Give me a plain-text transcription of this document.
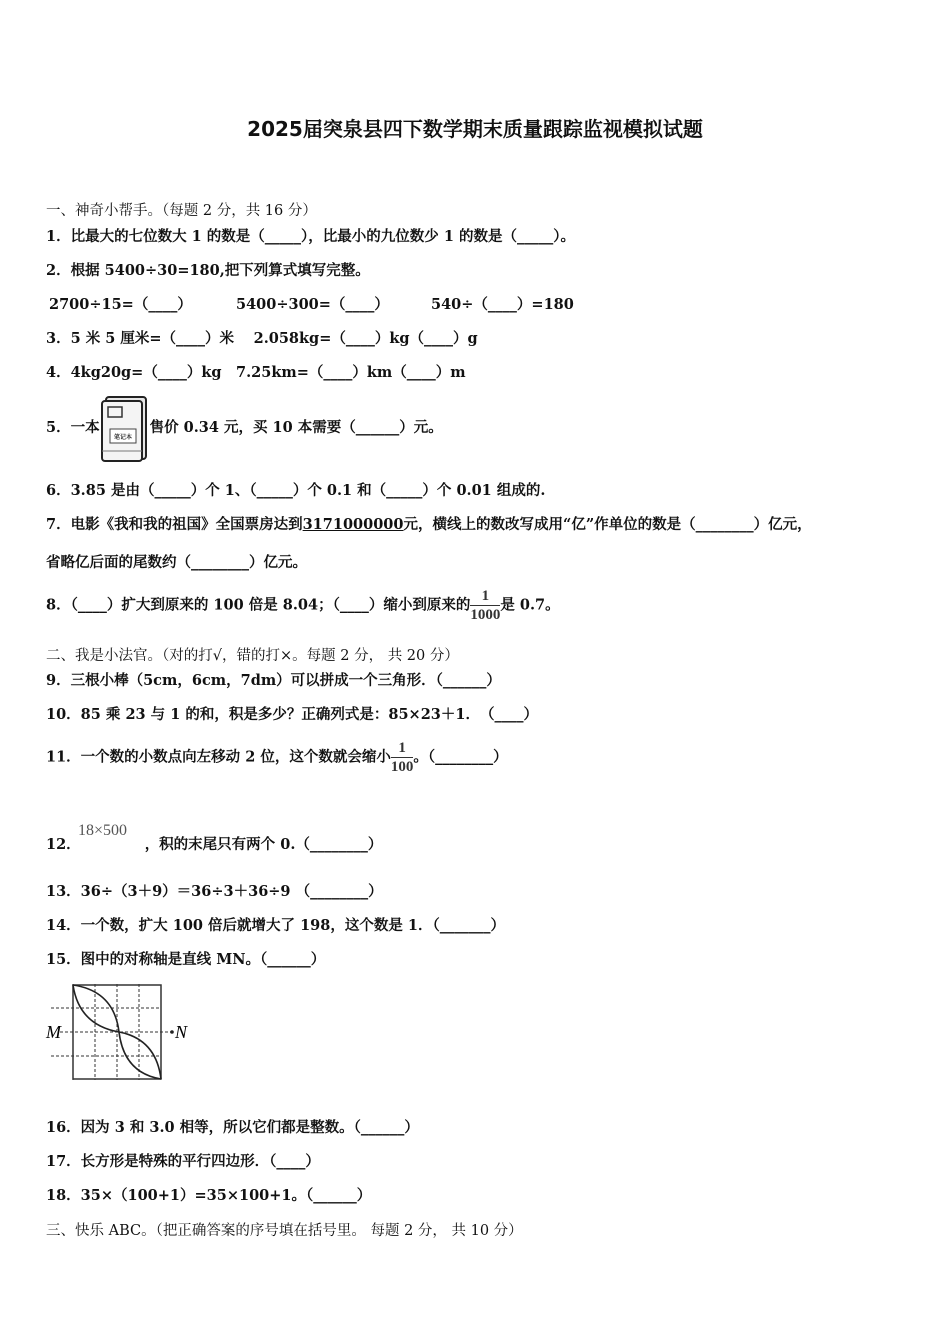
2025届突泉县四下数学期末质量跟踪监视模拟试题
一、神奇小帮手。（每题 2 分，共 16 分）
1．比最大的七位数大 1 的数是（_____），比最小的九位数少 1 的数是（_____）。
2．根据 5400÷30=180,把下列算式填写完整。
2700÷15=（____）	5400÷300=（____）	540÷（____）=180
3．5 米 5 厘米=（____）米　 2.058kg=（____）kg（____）g
4．4kg20g=（____）kg　7.25km=（____）km（____）m
5．一本
笔记本
售价 0.34 元，买 10 本需要（______）元。
6．3.85 是由（_____）个 1、（_____）个 0.1 和（_____）个 0.01 组成的.
7．电影《我和我的祖国》全国票房达到3171000000元，横线上的数改写成用“亿”作单位的数是（________）亿元，
省略亿后面的尾数约（________）亿元。
8．（____）扩大到原来的 100 倍是 8.04；（____）缩小到原来的 $\frac{1}{1000}$ 是 0.7。
二、我是小法官。（对的打√，错的打×。每题 2 分， 共 20 分）
9．三根小棒（5cm，6cm，7dm）可以拼成一个三角形．（______）
10．85 乘 23 与 1 的和，积是多少？正确列式是：85×23＋1．　（____）
11．一个数的小数点向左移动 2 位，这个数就会缩小 $\frac{1}{100}$ 。（________）
18×500
12．	，积的末尾只有两个 0.（________）
13．36÷（3＋9）＝36÷3＋36÷9 （________）
14．一个数，扩大 100 倍后就增大了 198，这个数是 1．（_______）
15．图中的对称轴是直线 MN。（______）
M	N
16．因为 3 和 3.0 相等，所以它们都是整数。（______）
17．长方形是特殊的平行四边形．（____）
18．35×（100+1）=35×100+1。（______）
三、快乐 ABC。（把正确答案的序号填在括号里。 每题 2 分， 共 10 分）
